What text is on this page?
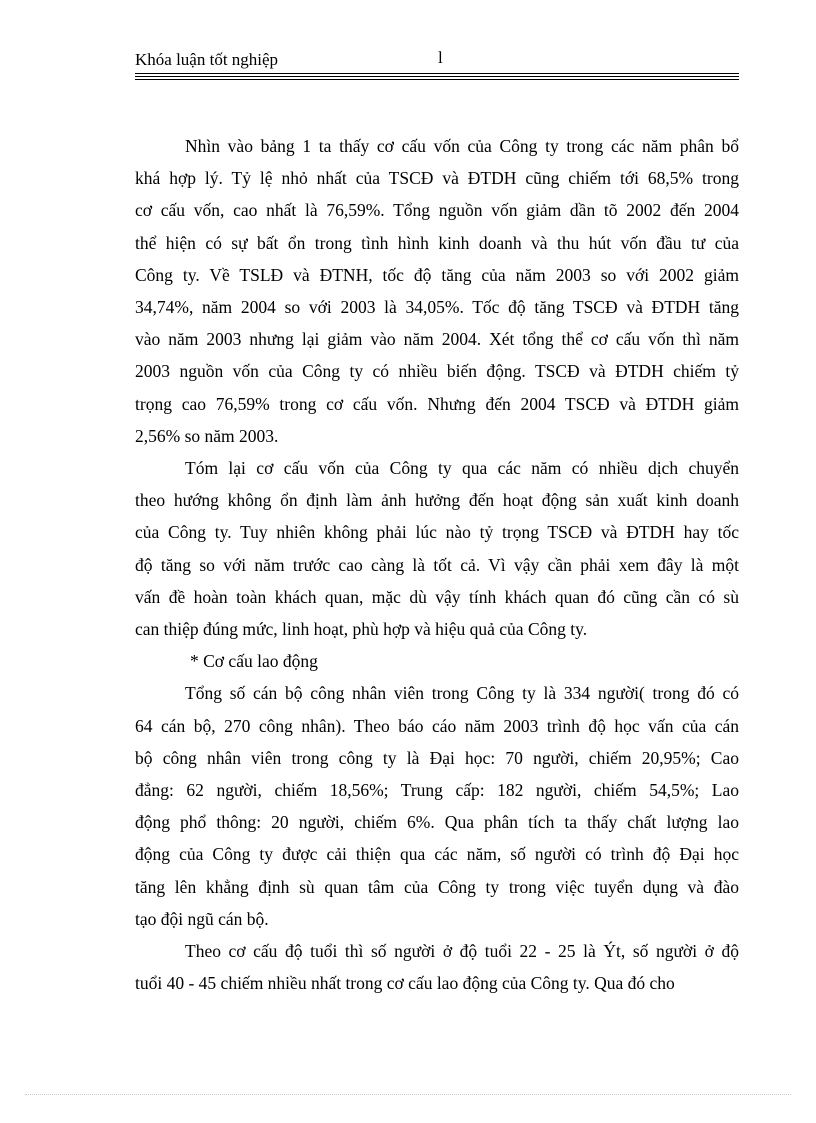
Khóa luận tốt nghiệp	l
Nhìn vào bảng 1 ta thấy cơ cấu vốn của Công ty trong các năm phân bổ
khá hợp lý. Tỷ lệ nhỏ nhất của TSCĐ và ĐTDH cũng chiếm tới 68,5% trong
cơ cấu vốn, cao nhất là 76,59%. Tổng nguồn vốn giảm dần tõ 2002 đến 2004
thể hiện có sự bất ổn trong tình hình kinh doanh và thu hút vốn đầu tư của
Công ty. Về TSLĐ và ĐTNH, tốc độ tăng của năm 2003 so với 2002 giảm
34,74%, năm 2004 so với 2003 là 34,05%. Tốc độ tăng TSCĐ và ĐTDH tăng
vào năm 2003 nhưng lại giảm vào năm 2004. Xét tổng thể cơ cấu vốn thì năm
2003 nguồn vốn của Công ty có nhiều biến động. TSCĐ và ĐTDH chiếm tỷ
trọng cao 76,59% trong cơ cấu vốn. Nhưng đến 2004 TSCĐ và ĐTDH giảm
2,56% so năm 2003.
Tóm lại cơ cấu vốn của Công ty qua các năm có nhiều dịch chuyển
theo hướng không ổn định làm ảnh hưởng đến hoạt động sản xuất kinh doanh
của Công ty. Tuy nhiên không phải lúc nào tỷ trọng TSCĐ và ĐTDH hay tốc
độ tăng so với năm trước cao càng là tốt cả. Vì vậy cần phải xem đây là một
vấn đề hoàn toàn khách quan, mặc dù vậy tính khách quan đó cũng cần có sù
can thiệp đúng mức, linh hoạt, phù hợp và hiệu quả của Công ty.
* Cơ cấu lao động
Tổng số cán bộ công nhân viên trong Công ty là 334 người( trong đó có
64 cán bộ, 270 công nhân). Theo báo cáo năm 2003 trình độ học vấn của cán
bộ công nhân viên trong công ty là Đại học: 70 người, chiếm 20,95%; Cao
đẳng: 62 người, chiếm 18,56%; Trung cấp: 182 người, chiếm 54,5%; Lao
động phổ thông: 20 người, chiếm 6%. Qua phân tích ta thấy chất lượng lao
động của Công ty được cải thiện qua các năm, số người có trình độ Đại học
tăng lên khẳng định sù quan tâm của Công ty trong việc tuyển dụng và đào
tạo đội ngũ cán bộ.
Theo cơ cấu độ tuổi thì số người ở độ tuổi 22 - 25 là Ýt, số người ở độ
tuổi 40 - 45 chiếm nhiều nhất trong cơ cấu lao động của Công ty. Qua đó cho
